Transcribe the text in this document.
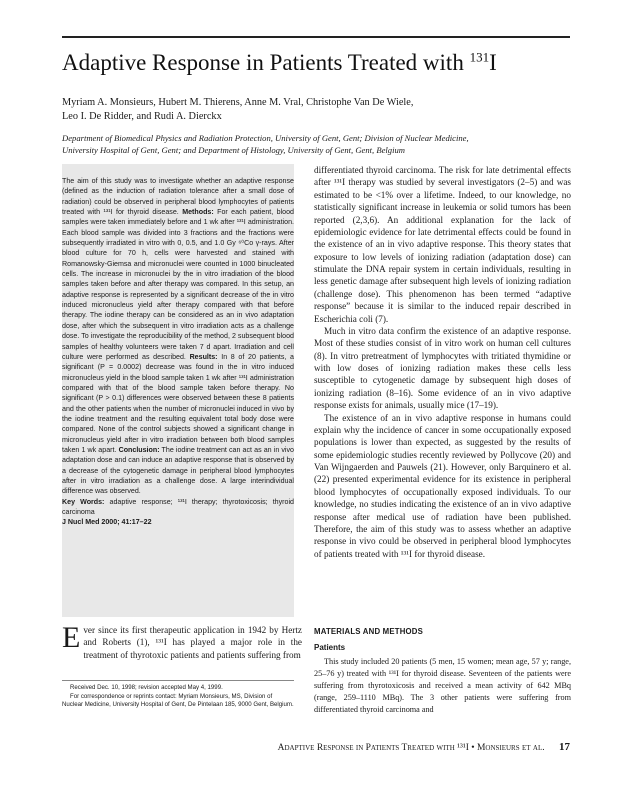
Adaptive Response in Patients Treated with $^{131}$I
Myriam A. Monsieurs, Hubert M. Thierens, Anne M. Vral, Christophe Van De Wiele,
Leo I. De Ridder, and Rudi A. Dierckx
Department of Biomedical Physics and Radiation Protection, University of Gent, Gent; Division of Nuclear Medicine,
University Hospital of Gent, Gent; and Department of Histology, University of Gent, Gent, Belgium

The aim of this study was to investigate whether an adaptive response (defined as the induction of radiation tolerance after a small dose of radiation) could be observed in peripheral blood lymphocytes of patients treated with ¹³¹I for thyroid disease. Methods: For each patient, blood samples were taken immediately before and 1 wk after ¹³¹I administration. Each blood sample was divided into 3 fractions and the fractions were subsequently irradiated in vitro with 0, 0.5, and 1.0 Gy ⁶⁰Co γ-rays. After blood culture for 70 h, cells were harvested and stained with Romanowsky-Giemsa and micronuclei were counted in 1000 binucleated cells. The increase in micronuclei by the in vitro irradiation of the blood samples taken before and after therapy was compared. In this setup, an adaptive response is represented by a significant decrease of the in vitro induced micronucleus yield after therapy compared with that before therapy. The iodine therapy can be considered as an in vivo adaptation dose, after which the subsequent in vitro irradiation acts as a challenge dose. To investigate the reproducibility of the method, 2 subsequent blood samples of healthy volunteers were taken 7 d apart. Irradiation and cell culture were performed as described. Results: In 8 of 20 patients, a significant (P = 0.0002) decrease was found in the in vitro induced micronucleus yield in the blood sample taken 1 wk after ¹³¹I administration compared with that of the blood sample taken before therapy. No significant (P > 0.1) differences were observed between these 8 patients and the other patients when the number of micronuclei induced in vivo by the iodine treatment and the resulting equivalent total body dose were compared. None of the control subjects showed a significant change in micronucleus yield after in vitro irradiation between both blood samples taken 1 wk apart. Conclusion: The iodine treatment can act as an in vivo adaptation dose and can induce an adaptive response that is observed by a decrease of the cytogenetic damage in peripheral blood lymphocytes after in vitro irradiation as a challenge dose. A large interindividual difference was observed.

Key Words: adaptive response; ¹³¹I therapy; thyrotoxicosis; thyroid carcinoma

J Nucl Med 2000; 41:17–22

E ver since its first therapeutic application in 1942 by Hertz and Roberts (1), ¹³¹I has played a major role in the treatment of thyrotoxic patients and patients suffering from

Received Dec. 10, 1998; revision accepted May 4, 1999.

For correspondence or reprints contact: Myriam Monsieurs, MS, Division of Nuclear Medicine, University Hospital of Gent, De Pintelaan 185, 9000 Gent, Belgium.

differentiated thyroid carcinoma. The risk for late detrimental effects after ¹³¹I therapy was studied by several investigators (2–5) and was estimated to be <1% over a lifetime. Indeed, to our knowledge, no statistically significant increase in leukemia or solid tumors has been reported (2,3,6). An additional explanation for the lack of epidemiologic evidence for late detrimental effects could be found in the existence of an in vivo adaptive response. This theory states that exposure to low levels of ionizing radiation (adaptation dose) can stimulate the DNA repair system in certain individuals, resulting in less genetic damage after subsequent high levels of ionizing radiation (challenge dose). This phenomenon has been termed “adaptive response” because it is similar to the induced repair described in Escherichia coli (7).

Much in vitro data confirm the existence of an adaptive response. Most of these studies consist of in vitro work on human cell cultures (8). In vitro pretreatment of lymphocytes with tritiated thymidine or with low doses of ionizing radiation makes these cells less susceptible to cytogenetic damage by subsequent high doses of ionizing radiation (8–16). Some evidence of an in vivo adaptive response exists for animals, usually mice (17–19).

The existence of an in vivo adaptive response in humans could explain why the incidence of cancer in some occupationally exposed populations is lower than expected, as suggested by the results of some epidemiologic studies recently reviewed by Pollycove (20) and Van Wijngaerden and Pauwels (21). However, only Barquinero et al. (22) presented experimental evidence for its existence in peripheral blood lymphocytes of occupationally exposed individuals. To our knowledge, no studies indicating the existence of an in vivo adaptive response after medical use of radiation have been published. Therefore, the aim of this study was to assess whether an adaptive response in vivo could be observed in peripheral blood lymphocytes of patients treated with ¹³¹I for thyroid disease.

MATERIALS AND METHODS
Patients
This study included 20 patients (5 men, 15 women; mean age, 57 y; range, 25–76 y) treated with ¹³¹I for thyroid disease. Seventeen of the patients were suffering from thyrotoxicosis and received a mean activity of 642 MBq (range, 259–1110 MBq). The 3 other patients were suffering from differentiated thyroid carcinoma and
Adaptive Response in Patients Treated with ¹³¹I • Monsieurs et al. 17
